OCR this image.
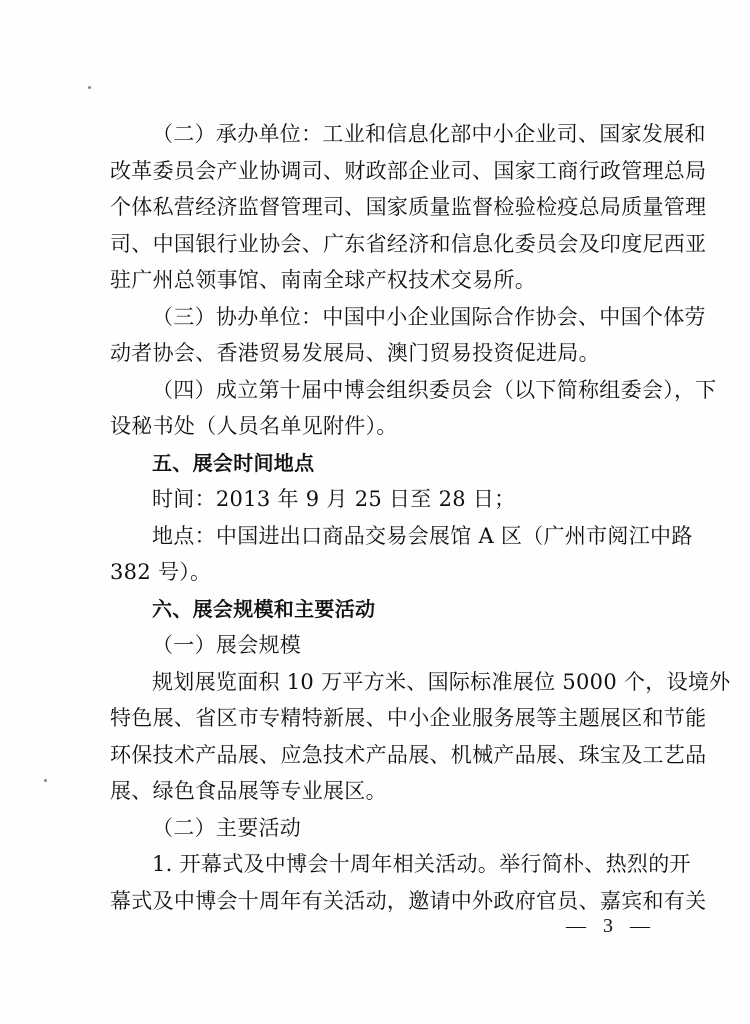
（二）承办单位：工业和信息化部中小企业司、国家发展和
改革委员会产业协调司、财政部企业司、国家工商行政管理总局
个体私营经济监督管理司、国家质量监督检验检疫总局质量管理
司、中国银行业协会、广东省经济和信息化委员会及印度尼西亚
驻广州总领事馆、南南全球产权技术交易所。
（三）协办单位：中国中小企业国际合作协会、中国个体劳
动者协会、香港贸易发展局、澳门贸易投资促进局。
（四）成立第十届中博会组织委员会（以下简称组委会），下
设秘书处（人员名单见附件）。
五、展会时间地点
时间：2013 年 9 月 25 日至 28 日；
地点：中国进出口商品交易会展馆 A 区（广州市阅江中路
382 号）。
六、展会规模和主要活动
（一）展会规模
规划展览面积 10 万平方米、国际标准展位 5000 个，设境外
特色展、省区市专精特新展、中小企业服务展等主题展区和节能
环保技术产品展、应急技术产品展、机械产品展、珠宝及工艺品
展、绿色食品展等专业展区。
（二）主要活动
1. 开幕式及中博会十周年相关活动。举行简朴、热烈的开
幕式及中博会十周年有关活动，邀请中外政府官员、嘉宾和有关
— 3 —
